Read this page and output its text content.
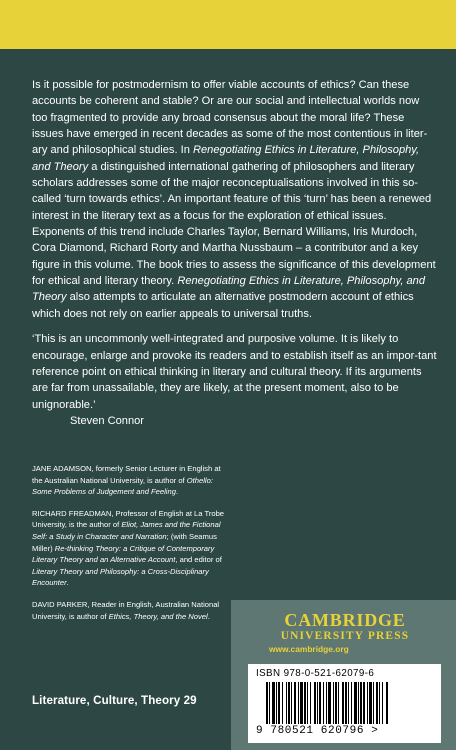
Is it possible for postmodernism to offer viable accounts of ethics? Can these accounts be coherent and stable? Or are our social and intellectual worlds now too fragmented to provide any broad consensus about the moral life? These issues have emerged in recent decades as some of the most contentious in liter-ary and philosophical studies. In Renegotiating Ethics in Literature, Philosophy, and Theory a distinguished international gathering of philosophers and literary scholars addresses some of the major reconceptualisations involved in this so-called ‘turn towards ethics’. An important feature of this ‘turn’ has been a renewed interest in the literary text as a focus for the exploration of ethical issues. Exponents of this trend include Charles Taylor, Bernard Williams, Iris Murdoch, Cora Diamond, Richard Rorty and Martha Nussbaum – a contributor and a key figure in this volume. The book tries to assess the significance of this development for ethical and literary theory. Renegotiating Ethics in Literature, Philosophy, and Theory also attempts to articulate an alternative postmodern account of ethics which does not rely on earlier appeals to universal truths.

‘This is an uncommonly well-integrated and purposive volume. It is likely to encourage, enlarge and provoke its readers and to establish itself as an impor-tant reference point on ethical thinking in literary and cultural theory. If its arguments are far from unassailable, they are likely, at the present moment, also to be unignorable.’

Steven Connor

JANE ADAMSON, formerly Senior Lecturer in English at the Australian National University, is author of Othello: Some Problems of Judgement and Feeling.

RICHARD FREADMAN, Professor of English at La Trobe University, is the author of Eliot, James and the Fictional Self: a Study in Character and Narration; (with Seamus Miller) Re-thinking Theory: a Critique of Contemporary Literary Theory and an Alternative Account, and editor of Literary Theory and Philosophy: a Cross-Disciplinary Encounter.

DAVID PARKER, Reader in English, Australian National University, is author of Ethics, Theory, and the Novel.

Literature, Culture, Theory 29
CAMBRIDGE
UNIVERSITY PRESS
www.cambridge.org
ISBN 978-0-521-62079-6
9 780521 620796 >
